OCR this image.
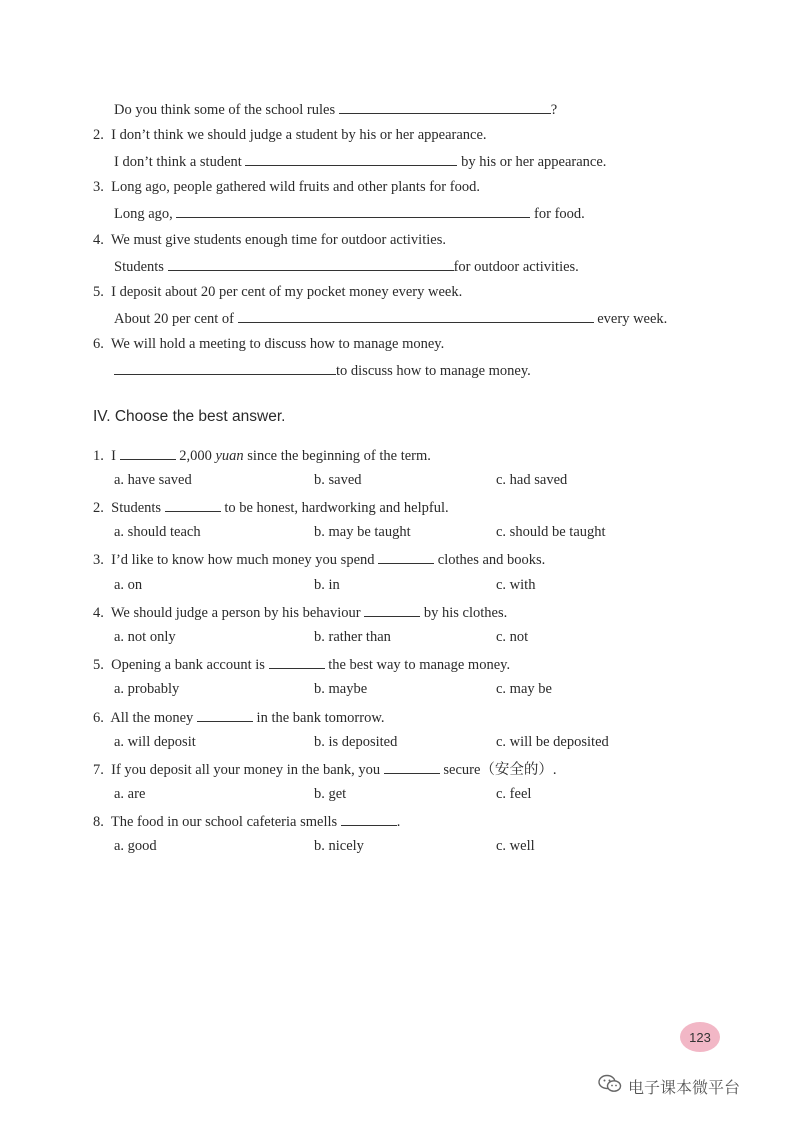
Do you think some of the school rules	?
2. I don’t think we should judge a student by his or her appearance.
I don’t think a student	by his or her appearance.
3. Long ago, people gathered wild fruits and other plants for food.
Long ago,	for food.
4. We must give students enough time for outdoor activities.
Students	for outdoor activities.
5. I deposit about 20 per cent of my pocket money every week.
About 20 per cent of	every week.
6. We will hold a meeting to discuss how to manage money.
to discuss how to manage money.
IV. Choose the best answer.
1. I	2,000 yuan since the beginning of the term.
a. have saved	b. saved	c. had saved
2. Students	to be honest, hardworking and helpful.
a. should teach	b. may be taught	c. should be taught
3. I’d like to know how much money you spend	clothes and books.
a. on	b. in	c. with
4. We should judge a person by his behaviour	by his clothes.
a. not only	b. rather than	c. not
5. Opening a bank account is	the best way to manage money.
a. probably	b. maybe	c. may be
6. All the money	in the bank tomorrow.
a. will deposit	b. is deposited	c. will be deposited
7. If you deposit all your money in the bank, you	secure（安全的）.
a. are	b. get	c. feel
8. The food in our school cafeteria smells	.
a. good	b. nicely	c. well
123
电子课本微平台
